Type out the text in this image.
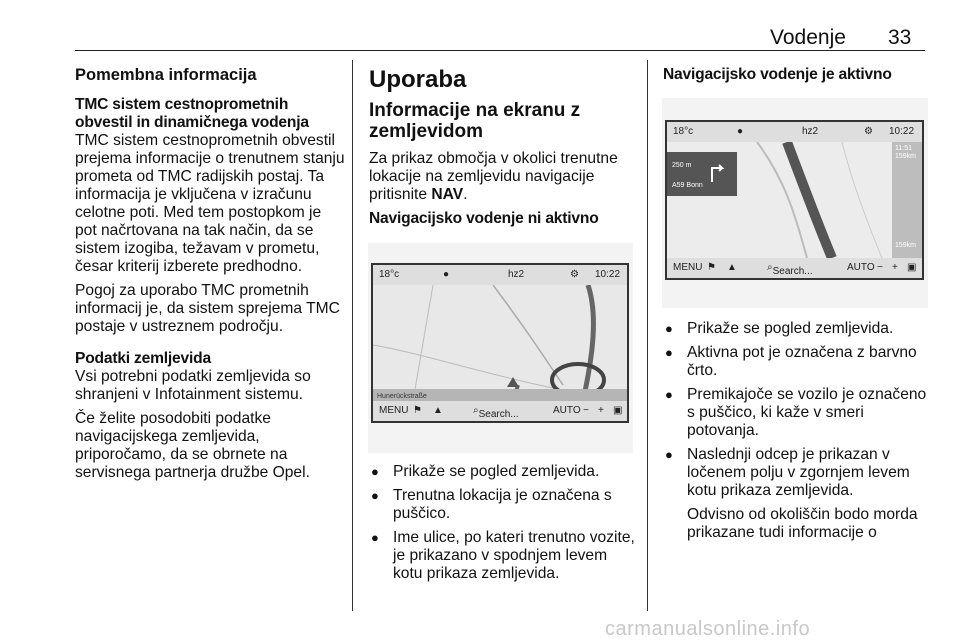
Vodenje 33
Pomembna informacija
TMC sistem cestnoprometnih obvestil in dinamičnega vodenja

TMC sistem cestnoprometnih obvestil prejema informacije o trenutnem stanju prometa od TMC radijskih postaj. Ta informacija je vključena v izračunu celotne poti. Med tem postopkom je pot načrtovana na tak način, da se sistem izogiba, težavam v prometu, česar kriterij izberete predhodno.

Pogoj za uporabo TMC prometnih informacij je, da sistem sprejema TMC postaje v ustreznem področju.

Podatki zemljevida

Vsi potrebni podatki zemljevida so shranjeni v Infotainment sistemu.

Če želite posodobiti podatke navigacijskega zemljevida, priporočamo, da se obrnete na servisnega partnerja družbe Opel.

Uporaba
Informacije na ekranu z zemljevidom

Za prikaz območja v okolici trenutne lokacije na zemljevidu navigacije pritisnite NAV.

Navigacijsko vodenje ni aktivno
18°c	●	hz2	⚙ 10:22
Hunerückstraße
MENU ⚑ ▲	⌕ Search...	AUTO − + ▣
● Prikaže se pogled zemljevida.
● Trenutna lokacija je označena s puščico.
● Ime ulice, po kateri trenutno vozite, je prikazano v spodnjem levem kotu prikaza zemljevida.
Navigacijsko vodenje je aktivno
18°c	●	hz2	⚙ 10:22
250 m
A59 Bonn
11:51
159km
159km
MENU ⚑ ▲	⌕ Search...	AUTO − + ▣
● Prikaže se pogled zemljevida.
● Aktivna pot je označena z barvno črto.
● Premikajoče se vozilo je označeno s puščico, ki kaže v smeri potovanja.
● Naslednji odcep je prikazan v ločenem polju v zgornjem levem kotu prikaza zemljevida.

Odvisno od okoliščin bodo morda prikazane tudi informacije o

carmanualsonline.info
